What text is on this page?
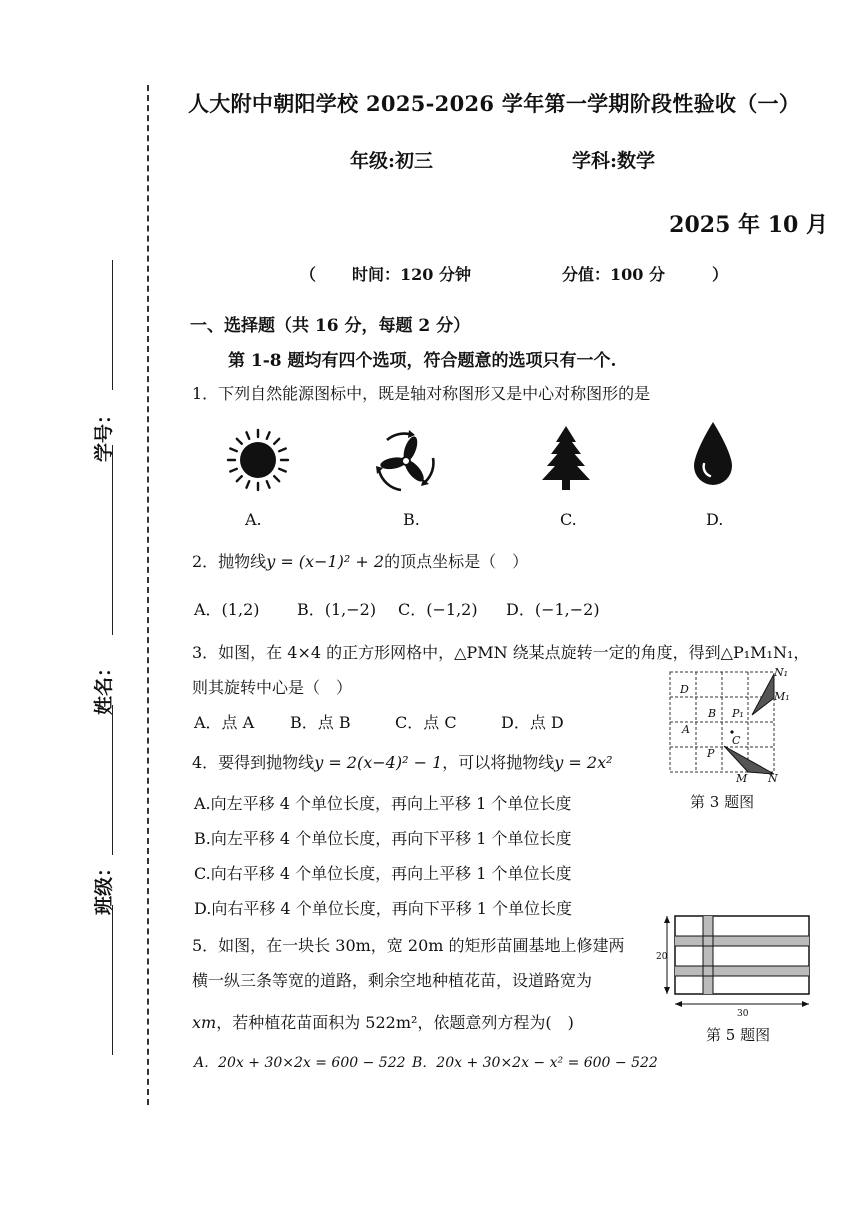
学号：
姓名：
班级：
人大附中朝阳学校 2025-2026 学年第一学期阶段性验收（一）
年级:初三	学科:数学
2025 年 10 月
（ 时间：120 分钟	分值：100 分	）
一、选择题（共 16 分，每题 2 分）
第 1-8 题均有四个选项，符合题意的选项只有一个.
1．下列自然能源图标中，既是轴对称图形又是中心对称图形的是
A.	B.	C.	D.
2．抛物线y = (x−1)² + 2的顶点坐标是（　）
A．(1,2) B．(1,−2) C．(−1,2) D．(−1,−2)
3．如图，在 4×4 的正方形网格中，△PMN 绕某点旋转一定的角度，得到△P₁M₁N₁，
则其旋转中心是（　）
A．点 A B．点 B	C．点 C	D．点 D
D
B P₁
A
C
P
M N
N₁
M₁
第 3 题图
4．要得到抛物线y = 2(x−4)² − 1，可以将抛物线y = 2x²
A.向左平移 4 个单位长度，再向上平移 1 个单位长度
B.向左平移 4 个单位长度，再向下平移 1 个单位长度
C.向右平移 4 个单位长度，再向上平移 1 个单位长度
D.向右平移 4 个单位长度，再向下平移 1 个单位长度
5．如图，在一块长 30m，宽 20m 的矩形苗圃基地上修建两
横一纵三条等宽的道路，剩余空地种植花苗，设道路宽为
xm，若种植花苗面积为 522m²，依题意列方程为(　)
A．20x + 30×2x = 600 − 522 B．20x + 30×2x − x² = 600 − 522
20
30
第 5 题图
